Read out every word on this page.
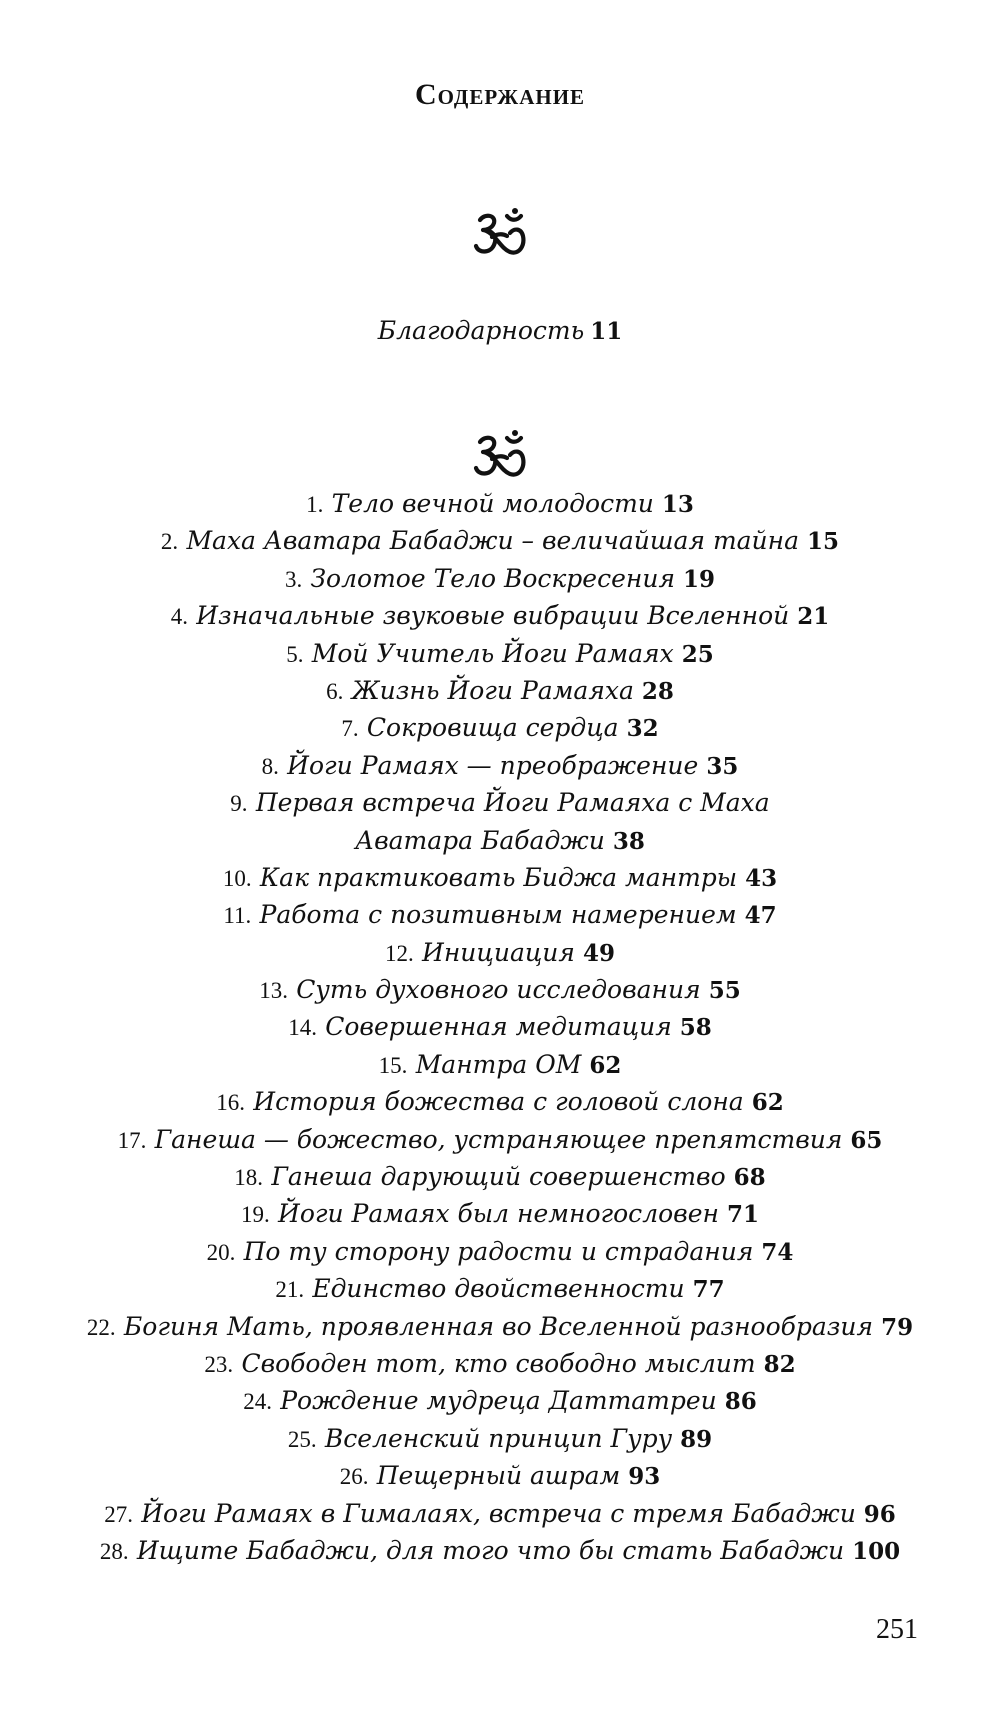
Содержание
Благодарность 11
1. Тело вечной молодости 13
2. Маха Аватара Бабаджи – величайшая тайна 15
3. Золотое Тело Воскресения 19
4. Изначальные звуковые вибрации Вселенной 21
5. Мой Учитель Йоги Рамаях 25
6. Жизнь Йоги Рамаяха 28
7. Сокровища сердца 32
8. Йоги Рамаях — преображение 35
9. Первая встреча Йоги Рамаяха с Маха
Аватара Бабаджи 38
10. Как практиковать Биджа мантры 43
11. Работа с позитивным намерением 47
12. Инициация 49
13. Суть духовного исследования 55
14. Совершенная медитация 58
15. Мантра ОМ 62
16. История божества с головой слона 62
17. Ганеша — божество, устраняющее препятствия 65
18. Ганеша дарующий совершенство 68
19. Йоги Рамаях был немногословен 71
20. По ту сторону радости и страдания 74
21. Единство двойственности 77
22. Богиня Мать, проявленная во Вселенной разнообразия 79
23. Свободен тот, кто свободно мыслит 82
24. Рождение мудреца Даттатреи 86
25. Вселенский принцип Гуру 89
26. Пещерный ашрам 93
27. Йоги Рамаях в Гималаях, встреча с тремя Бабаджи 96
28. Ищите Бабаджи, для того что бы стать Бабаджи 100
251
